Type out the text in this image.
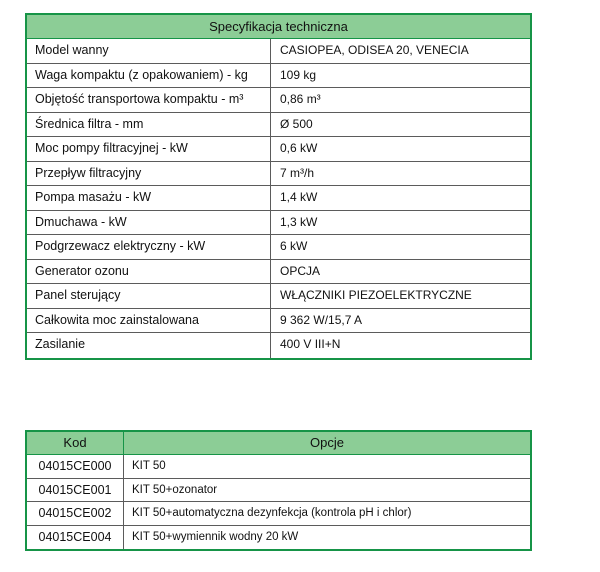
Specyfikacja techniczna
Model wanny	CASIOPEA, ODISEA 20, VENECIA
Waga kompaktu (z opakowaniem) - kg	109 kg
Objętość transportowa kompaktu - m³	0,86 m³
Średnica filtra - mm	Ø 500
Moc pompy filtracyjnej - kW	0,6 kW
Przepływ filtracyjny	7 m³/h
Pompa masażu - kW	1,4 kW
Dmuchawa - kW	1,3 kW
Podgrzewacz elektryczny - kW	6 kW
Generator ozonu	OPCJA
Panel sterujący	WŁĄCZNIKI PIEZOELEKTRYCZNE
Całkowita moc zainstalowana	9 362 W/15,7 A
Zasilanie	400 V III+N
Kod	Opcje
04015CE000	KIT 50
04015CE001	KIT 50+ozonator
04015CE002	KIT 50+automatyczna dezynfekcja (kontrola pH i chlor)
04015CE004	KIT 50+wymiennik wodny 20 kW
